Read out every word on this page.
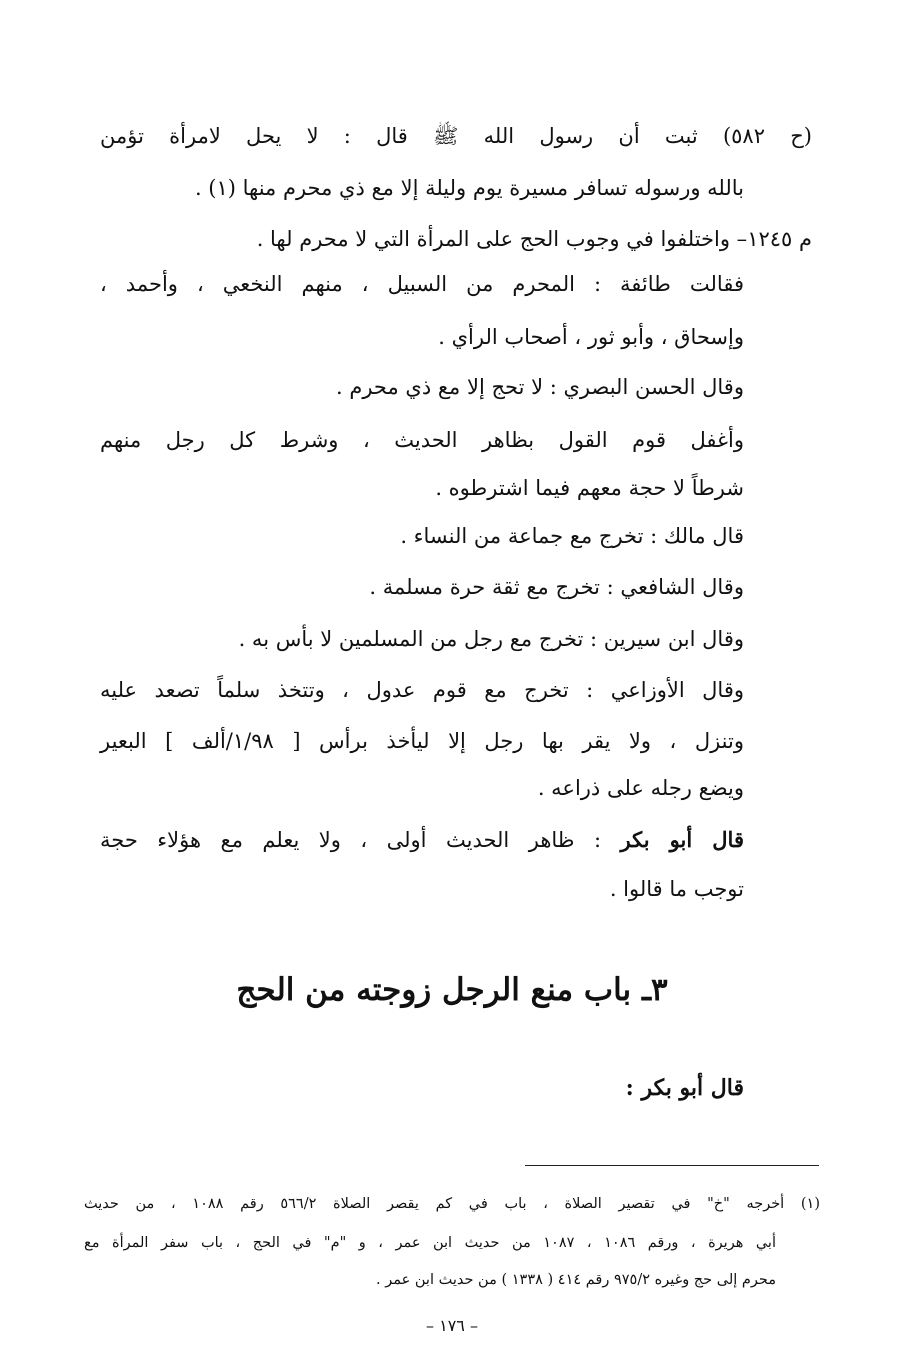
(ح ٥٨٢) ثبت أن رسول الله ﷺ قال : لا يحل لامرأة تؤمن
بالله ورسوله تسافر مسيرة يوم وليلة إلا مع ذي محرم منها (١) .
م ١٢٤٥– واختلفوا في وجوب الحج على المرأة التي لا محرم لها .
فقالت طائفة : المحرم من السبيل ، منهم النخعي ، وأحمد ،
وإسحاق ، وأبو ثور ، أصحاب الرأي .
وقال الحسن البصري : لا تحج إلا مع ذي محرم .
وأغفل قوم القول بظاهر الحديث ، وشرط كل رجل منهم
شرطاً لا حجة معهم فيما اشترطوه .
قال مالك : تخرج مع جماعة من النساء .
وقال الشافعي : تخرج مع ثقة حرة مسلمة .
وقال ابن سيرين : تخرج مع رجل من المسلمين لا بأس به .
وقال الأوزاعي : تخرج مع قوم عدول ، وتتخذ سلماً تصعد عليه
وتنزل ، ولا يقر بها رجل إلا ليأخذ برأس [ ١/٩٨/ألف ] البعير
ويضع رجله على ذراعه .
قال أبو بكر : ظاهر الحديث أولى ، ولا يعلم مع هؤلاء حجة
توجب ما قالوا .
٣ـ باب منع الرجل زوجته من الحج
قال أبو بكر :
(١) أخرجه "خ" في تقصير الصلاة ، باب في كم يقصر الصلاة ٥٦٦/٢ رقم ١٠٨٨ ، من حديث
أبي هريرة ، ورقم ١٠٨٦ ، ١٠٨٧ من حديث ابن عمر ، و "م" في الحج ، باب سفر المرأة مع
محرم إلى حج وغيره ٩٧٥/٢ رقم ٤١٤ ( ١٣٣٨ ) من حديث ابن عمر .
– ١٧٦ –
